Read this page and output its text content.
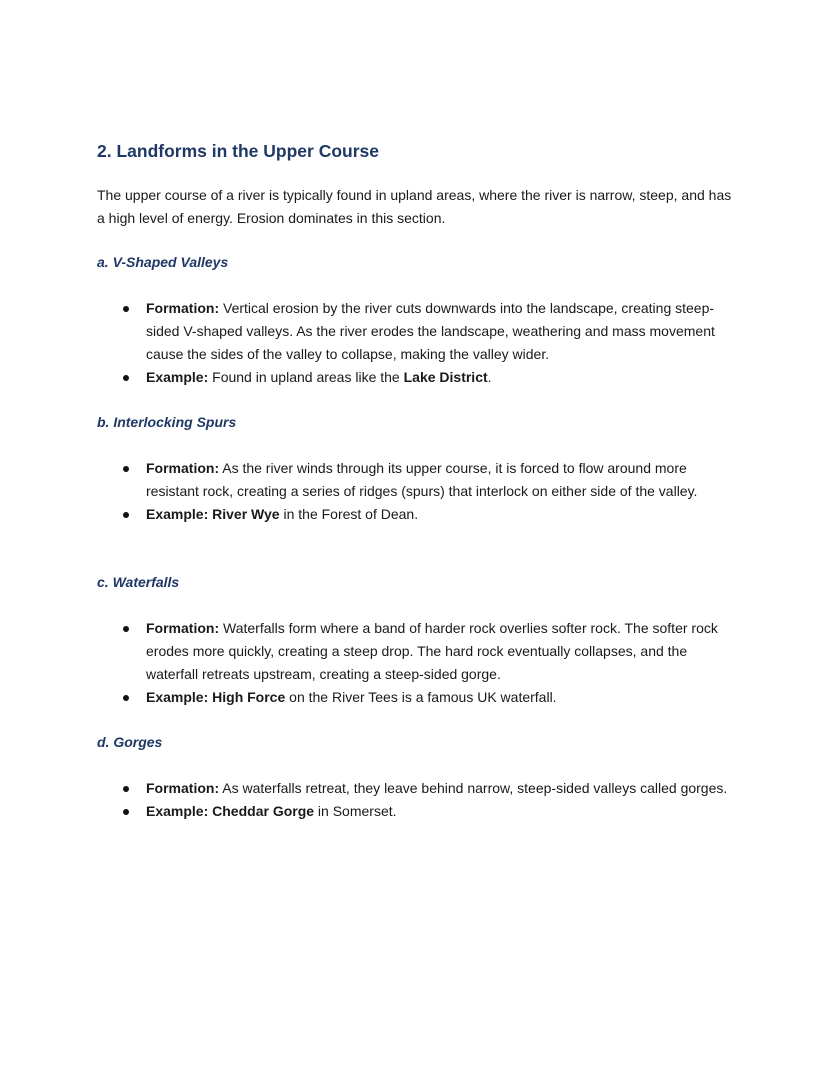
2. Landforms in the Upper Course

The upper course of a river is typically found in upland areas, where the river is narrow, steep, and has a high level of energy. Erosion dominates in this section.

a. V-Shaped Valleys
Formation: Vertical erosion by the river cuts downwards into the landscape, creating steep-sided V-shaped valleys. As the river erodes the landscape, weathering and mass movement cause the sides of the valley to collapse, making the valley wider.
Example: Found in upland areas like the Lake District.
b. Interlocking Spurs
Formation: As the river winds through its upper course, it is forced to flow around more resistant rock, creating a series of ridges (spurs) that interlock on either side of the valley.
Example: River Wye in the Forest of Dean.
c. Waterfalls
Formation: Waterfalls form where a band of harder rock overlies softer rock. The softer rock erodes more quickly, creating a steep drop. The hard rock eventually collapses, and the waterfall retreats upstream, creating a steep-sided gorge.
Example: High Force on the River Tees is a famous UK waterfall.
d. Gorges
Formation: As waterfalls retreat, they leave behind narrow, steep-sided valleys called gorges.
Example: Cheddar Gorge in Somerset.
